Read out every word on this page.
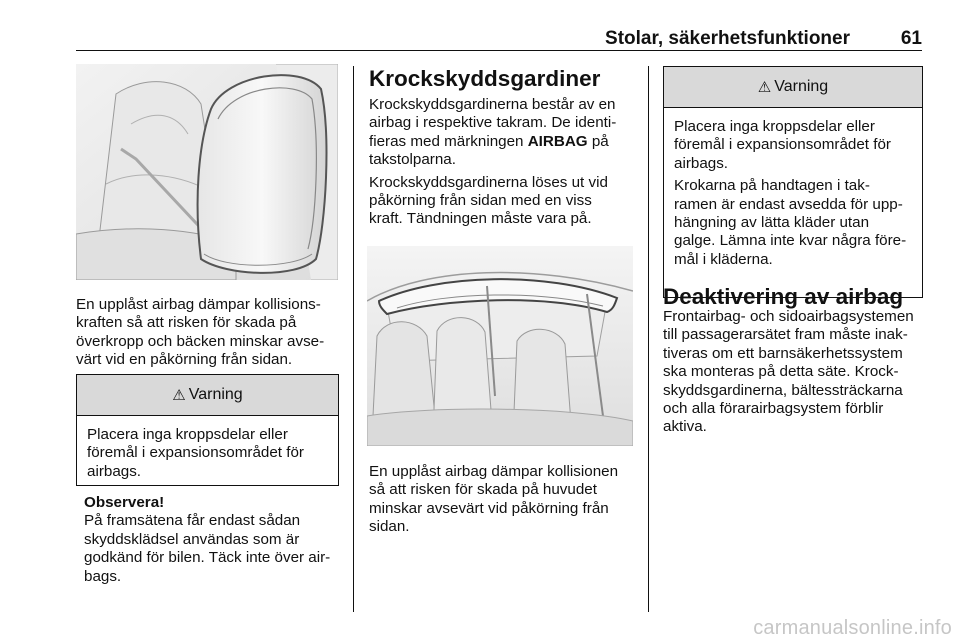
Stolar, säkerhetsfunktioner	61
En upplåst airbag dämpar kollisions-
kraften så att risken för skada på
överkropp och bäcken minskar avse-
värt vid en påkörning från sidan.
⚠ Varning
Placera inga kroppsdelar eller
föremål i expansionsområdet för
airbags.
Observera!
På framsätena får endast sådan
skyddsklädsel användas som är
godkänd för bilen. Täck inte över air-
bags.
Krockskyddsgardiner

Krockskyddsgardinerna består av en
airbag i respektive takram. De identi-
fieras med märkningen AIRBAG på
takstolparna.

Krockskyddsgardinerna löses ut vid
påkörning från sidan med en viss
kraft. Tändningen måste vara på.

En upplåst airbag dämpar kollisionen
så att risken för skada på huvudet
minskar avsevärt vid påkörning från
sidan.
⚠ Varning

Placera inga kroppsdelar eller
föremål i expansionsområdet för
airbags.

Krokarna på handtagen i tak-
ramen är endast avsedda för upp-
hängning av lätta kläder utan
galge. Lämna inte kvar några före-
mål i kläderna.

Deaktivering av airbag
Frontairbag- och sidoairbagsystemen
till passagerarsätet fram måste inak-
tiveras om ett barnsäkerhetssystem
ska monteras på detta säte. Krock-
skyddsgardinerna, bältessträckarna
och alla förarairbagsystem förblir
aktiva.
carmanualsonline.info
